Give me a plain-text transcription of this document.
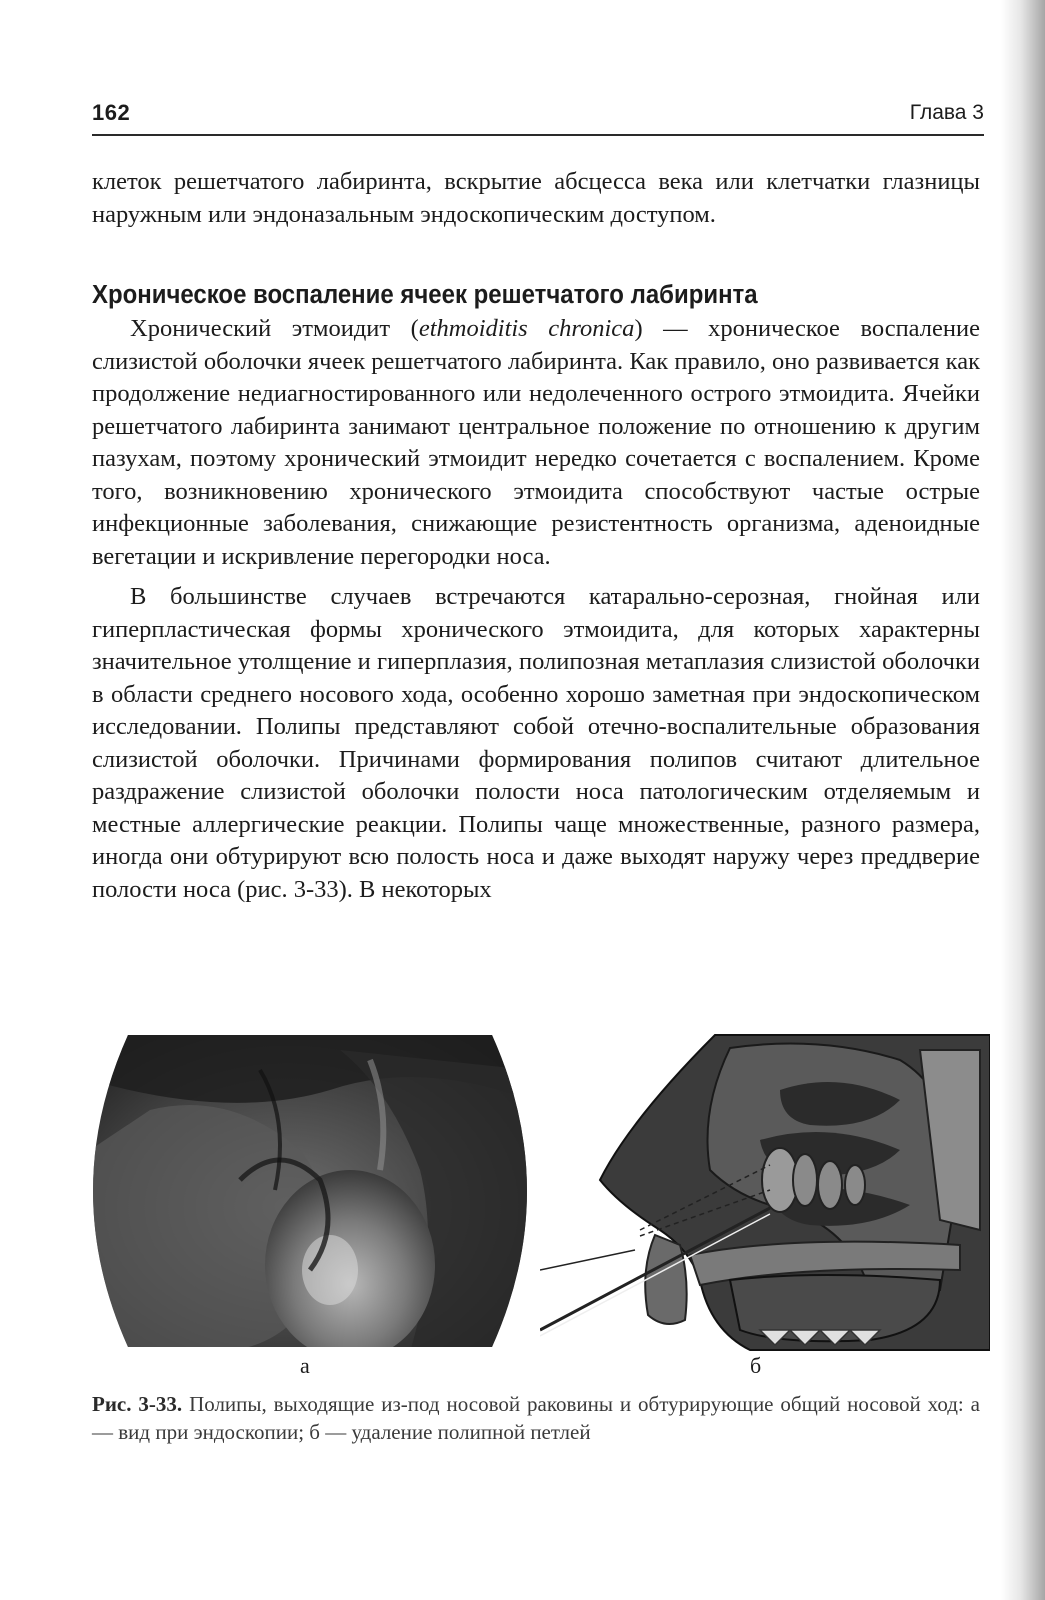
162	Глава 3

клеток решетчатого лабиринта, вскрытие абсцесса века или клетчатки глазницы наружным или эндоназальным эндоскопическим доступом.

Хроническое воспаление ячеек решетчатого лабиринта

Хронический этмоидит (ethmoiditis chronica) — хроническое воспаление слизистой оболочки ячеек решетчатого лабиринта. Как правило, оно развивается как продолжение недиагностированного или недолеченного острого этмоидита. Ячейки решетчатого лабиринта занимают центральное положение по отношению к другим пазухам, поэтому хронический этмоидит нередко сочетается с воспалением. Кроме того, возникновению хронического этмоидита способствуют частые острые инфекционные заболевания, снижающие резистентность организма, аденоидные вегетации и искривление перегородки носа.

В большинстве случаев встречаются катарально-серозная, гнойная или гиперпластическая формы хронического этмоидита, для которых характерны значительное утолщение и гиперплазия, полипозная метаплазия слизистой оболочки в области среднего носового хода, особенно хорошо заметная при эндоскопическом исследовании. Полипы представляют собой отечно-воспалительные образования слизистой оболочки. Причинами формирования полипов считают длительное раздражение слизистой оболочки полости носа патологическим отделяемым и местные аллергические реакции. Полипы чаще множественные, разного размера, иногда они обтурируют всю полость носа и даже выходят наружу через преддверие полости носа (рис. 3-33). В некоторых

а	б
Рис. 3-33. Полипы, выходящие из-под носовой раковины и обтурирующие общий носовой ход: а — вид при эндоскопии; б — удаление полипной петлей
